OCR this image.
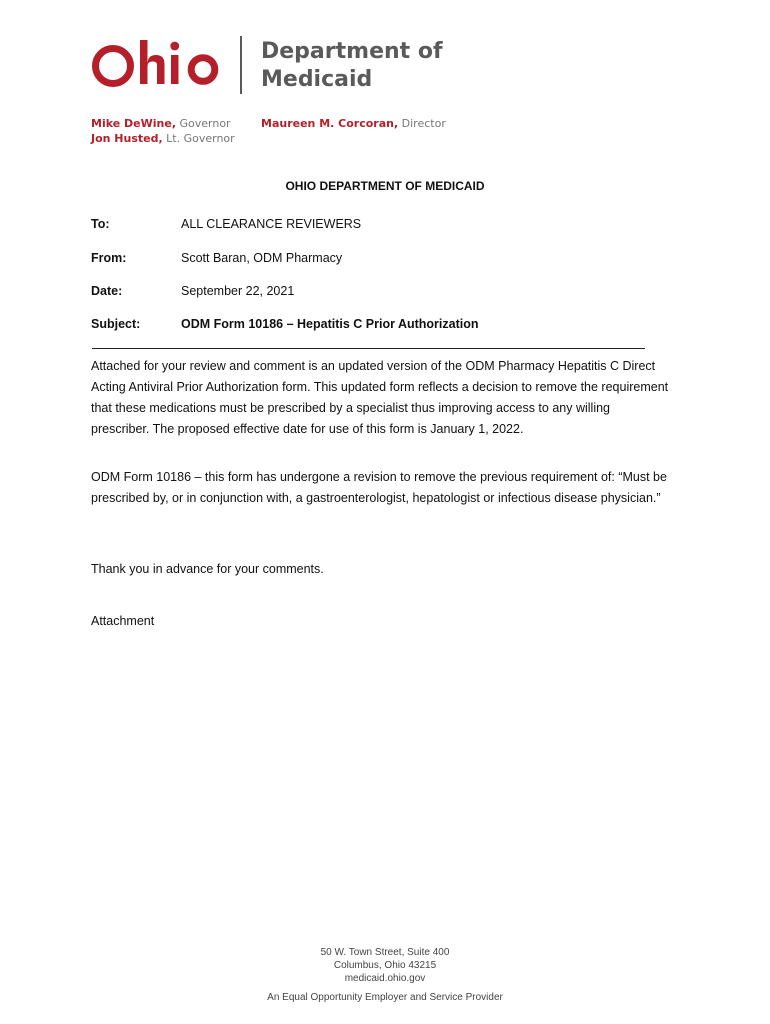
Department of
Medicaid
Mike DeWine, Governor
Jon Husted, Lt. Governor
Maureen M. Corcoran, Director
OHIO DEPARTMENT OF MEDICAID
To:	ALL CLEARANCE REVIEWERS
From:	Scott Baran, ODM Pharmacy
Date:	September 22, 2021
Subject:	ODM Form 10186 – Hepatitis C Prior Authorization
Attached for your review and comment is an updated version of the ODM Pharmacy Hepatitis C Direct Acting Antiviral Prior Authorization form. This updated form reflects a decision to remove the requirement that these medications must be prescribed by a specialist thus improving access to any willing prescriber. The proposed effective date for use of this form is January 1, 2022.
ODM Form 10186 – this form has undergone a revision to remove the previous requirement of: “Must be prescribed by, or in conjunction with, a gastroenterologist, hepatologist or infectious disease physician.”
Thank you in advance for your comments.
Attachment
50 W. Town Street, Suite 400
Columbus, Ohio 43215
medicaid.ohio.gov
An Equal Opportunity Employer and Service Provider
